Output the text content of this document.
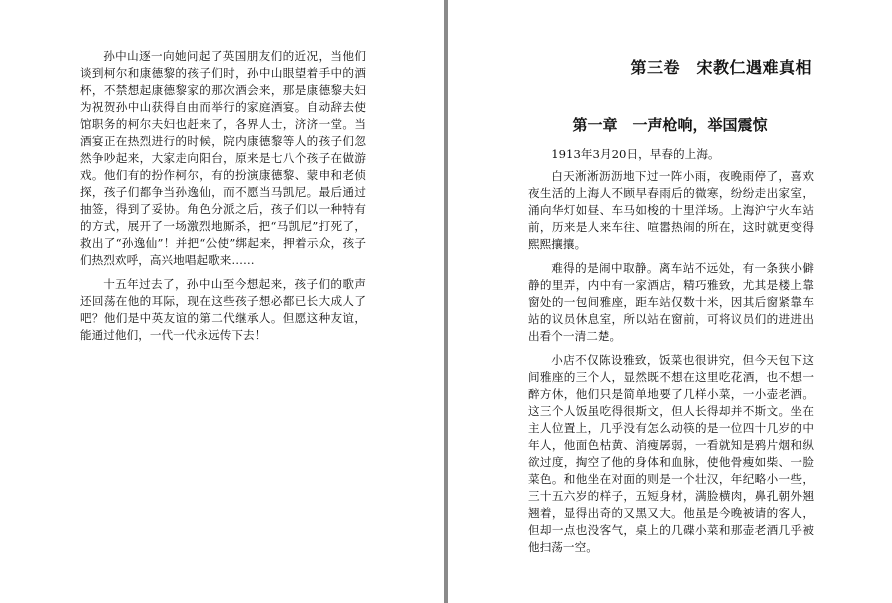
孙中山逐一向她问起了英国朋友们的近况，当他们谈到柯尔和康德黎的孩子们时，孙中山眼望着手中的酒杯，不禁想起康德黎家的那次酒会来，那是康德黎夫妇为祝贺孙中山获得自由而举行的家庭酒宴。自动辞去使馆职务的柯尔夫妇也赶来了，各界人士，济济一堂。当酒宴正在热烈进行的时候，院内康德黎等人的孩子们忽然争吵起来，大家走向阳台，原来是七八个孩子在做游戏。他们有的扮作柯尔，有的扮演康德黎、蒙申和老侦探，孩子们都争当孙逸仙，而不愿当马凯尼。最后通过抽签，得到了妥协。角色分派之后，孩子们以一种特有的方式，展开了一场激烈地厮杀，把“马凯尼”打死了，救出了“孙逸仙”！并把“公使”绑起来，押着示众，孩子们热烈欢呼，高兴地唱起歌来……

十五年过去了，孙中山至今想起来，孩子们的歌声还回荡在他的耳际，现在这些孩子想必都已长大成人了吧？他们是中英友谊的第二代继承人。但愿这种友谊，能通过他们，一代一代永远传下去！

第三卷　宋教仁遇难真相
第一章　一声枪响，举国震惊

1913年3月20日，早春的上海。

白天淅淅沥沥地下过一阵小雨，夜晚雨停了，喜欢夜生活的上海人不顾早春雨后的微寒，纷纷走出家室，涌向华灯如昼、车马如梭的十里洋场。上海沪宁火车站前，历来是人来车往、喧嚣热闹的所在，这时就更变得熙熙攘攘。

难得的是闹中取静。离车站不远处，有一条狭小僻静的里弄，内中有一家酒店，精巧雅致，尤其是楼上靠窗处的一包间雅座，距车站仅数十米，因其后窗紧靠车站的议员休息室，所以站在窗前，可将议员们的进进出出看个一清二楚。

小店不仅陈设雅致，饭菜也很讲究，但今天包下这间雅座的三个人，显然既不想在这里吃花酒，也不想一醉方休，他们只是简单地要了几样小菜，一小壶老酒。这三个人饭虽吃得很斯文，但人长得却并不斯文。坐在主人位置上，几乎没有怎么动筷的是一位四十几岁的中年人，他面色枯黄、消瘦孱弱，一看就知是鸦片烟和纵欲过度，掏空了他的身体和血脉，使他骨瘦如柴、一脸菜色。和他坐在对面的则是一个壮汉，年纪略小一些，三十五六岁的样子，五短身材，满脸横肉，鼻孔朝外翘翘着，显得出奇的又黑又大。他虽是今晚被请的客人，但却一点也没客气，桌上的几碟小菜和那壶老酒几乎被他扫荡一空。
